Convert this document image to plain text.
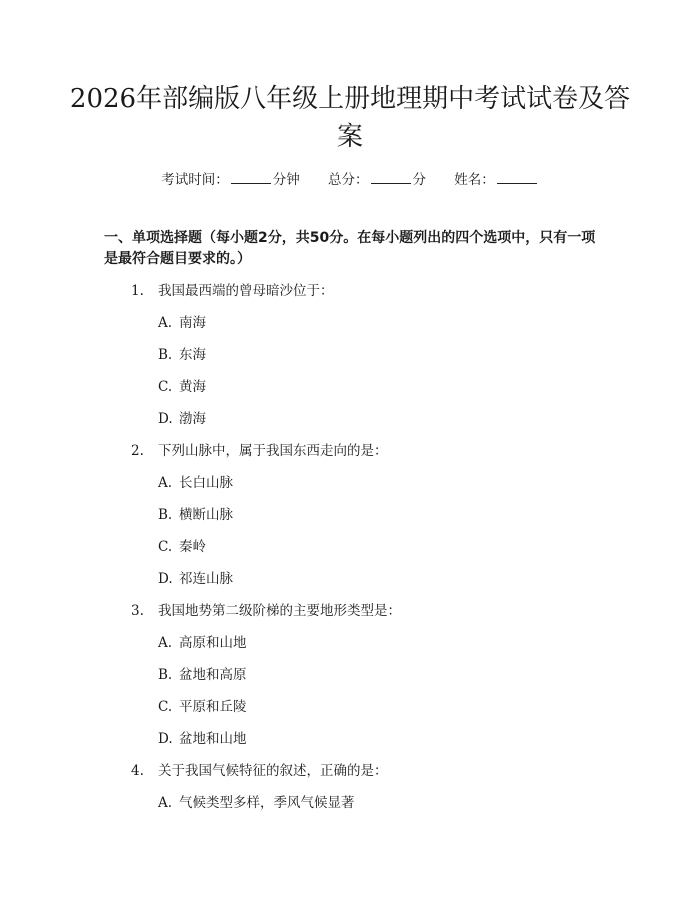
2026年部编版八年级上册地理期中考试试卷及答案
考试时间：	分钟 总分：	分 姓名：

一、单项选择题（每小题2分，共50分。在每小题列出的四个选项中，只有一项是最符合题目要求的。）

1. 我国最西端的曾母暗沙位于：
A. 南海
B. 东海
C. 黄海
D. 渤海
2. 下列山脉中，属于我国东西走向的是：
A. 长白山脉
B. 横断山脉
C. 秦岭
D. 祁连山脉
3. 我国地势第二级阶梯的主要地形类型是：
A. 高原和山地
B. 盆地和高原
C. 平原和丘陵
D. 盆地和山地
4. 关于我国气候特征的叙述，正确的是：
A. 气候类型多样，季风气候显著
